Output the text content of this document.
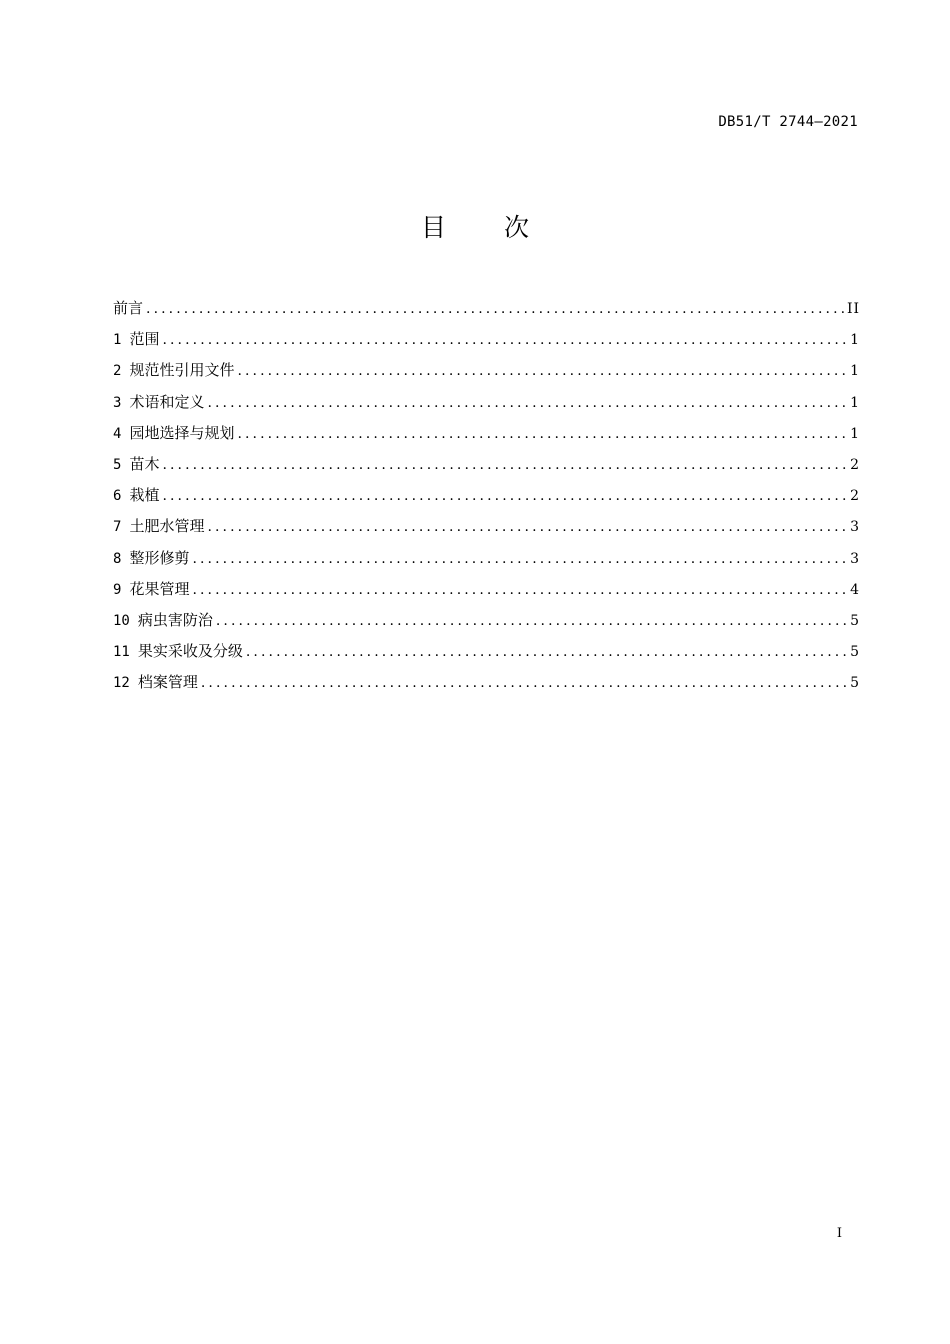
DB51/T 2744—2021
目 次
前言 .....	II
1 范围 .....	1
2 规范性引用文件 .....	1
3 术语和定义 .....	1
4 园地选择与规划 .....	1
5 苗木 .....	2
6 栽植 .....	2
7 土肥水管理 .....	3
8 整形修剪 .....	3
9 花果管理 .....	4
10 病虫害防治 .....	5
11 果实采收及分级 .....	5
12 档案管理 .....	5
I
